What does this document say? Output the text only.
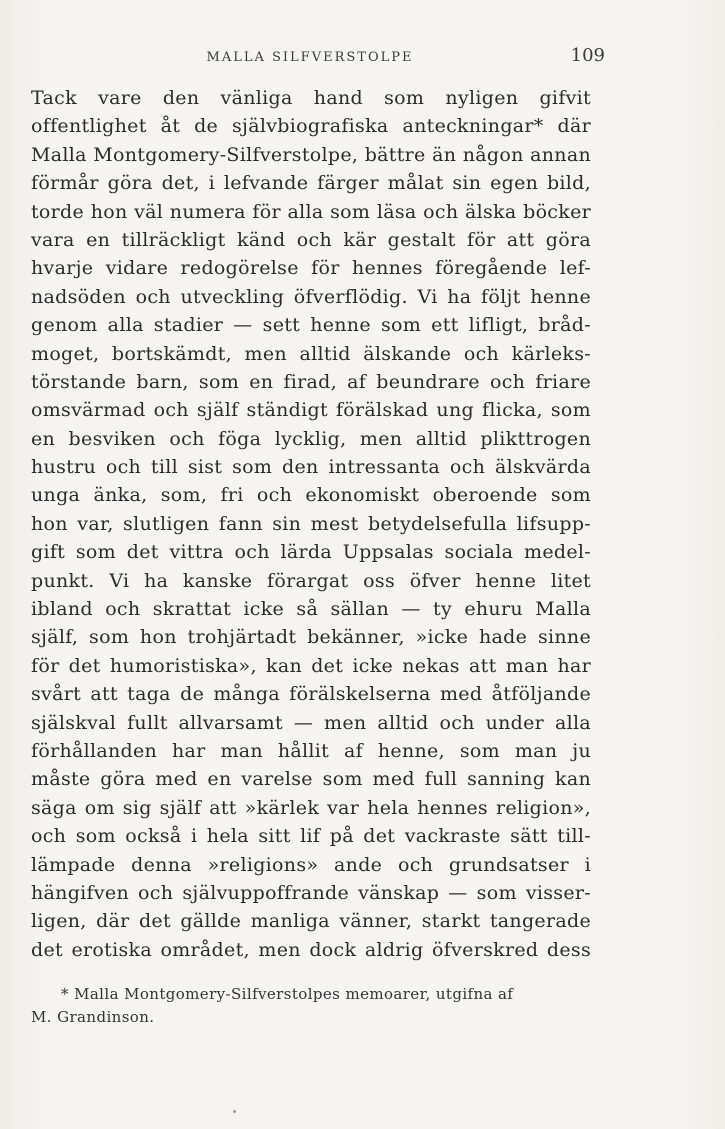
MALLA SILFVERSTOLPE	109
Tack vare den vänliga hand som nyligen gifvit
offentlighet åt de självbiografiska anteckningar* där
Malla Montgomery-Silfverstolpe, bättre än någon annan
förmår göra det, i lefvande färger målat sin egen bild,
torde hon väl numera för alla som läsa och älska böcker
vara en tillräckligt känd och kär gestalt för att göra
hvarje vidare redogörelse för hennes föregående lef-
nadsöden och utveckling öfverflödig. Vi ha följt henne
genom alla stadier — sett henne som ett lifligt, bråd-
moget, bortskämdt, men alltid älskande och kärleks-
törstande barn, som en firad, af beundrare och friare
omsvärmad och själf ständigt förälskad ung flicka, som
en besviken och föga lycklig, men alltid plikttrogen
hustru och till sist som den intressanta och älskvärda
unga änka, som, fri och ekonomiskt oberoende som
hon var, slutligen fann sin mest betydelsefulla lifsupp-
gift som det vittra och lärda Uppsalas sociala medel-
punkt. Vi ha kanske förargat oss öfver henne litet
ibland och skrattat icke så sällan — ty ehuru Malla
själf, som hon trohjärtadt bekänner, »icke hade sinne
för det humoristiska», kan det icke nekas att man har
svårt att taga de många förälskelserna med åtföljande
själskval fullt allvarsamt — men alltid och under alla
förhållanden har man hållit af henne, som man ju
måste göra med en varelse som med full sanning kan
säga om sig själf att »kärlek var hela hennes religion»,
och som också i hela sitt lif på det vackraste sätt till-
lämpade denna »religions» ande och grundsatser i
hängifven och självuppoffrande vänskap — som visser-
ligen, där det gällde manliga vänner, starkt tangerade
det erotiska området, men dock aldrig öfverskred dess
* Malla Montgomery-Silfverstolpes memoarer, utgifna af
M. Grandinson.
